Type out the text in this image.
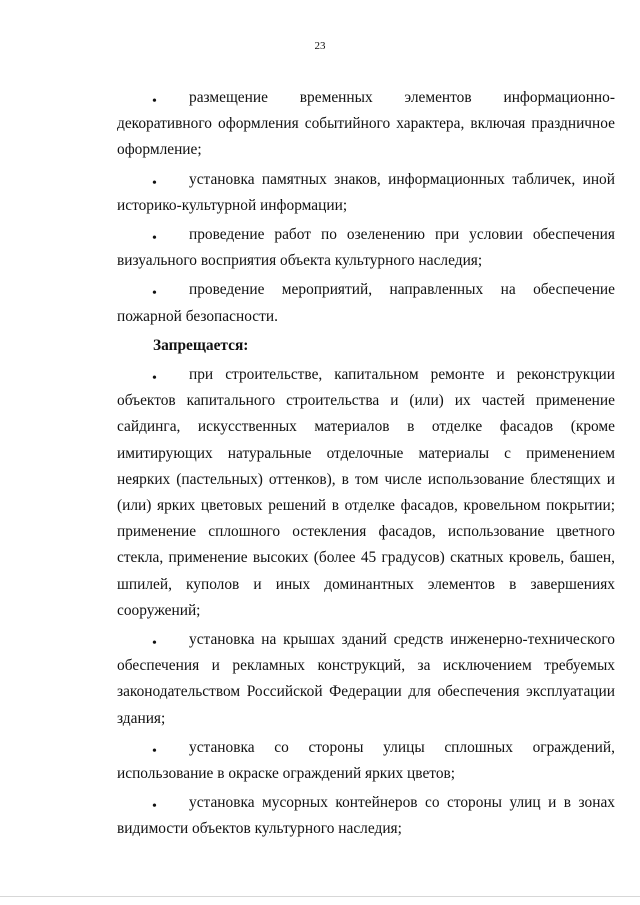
23

размещение временных элементов информационно-декоративного оформления событийного характера, включая праздничное оформление;

установка памятных знаков, информационных табличек, иной историко-культурной информации;

проведение работ по озеленению при условии обеспечения визуального восприятия объекта культурного наследия;

проведение мероприятий, направленных на обеспечение пожарной безопасности.

Запрещается:

при строительстве, капитальном ремонте и реконструкции объектов капитального строительства и (или) их частей применение сайдинга, искусственных материалов в отделке фасадов (кроме имитирующих натуральные отделочные материалы с применением неярких (пастельных) оттенков), в том числе использование блестящих и (или) ярких цветовых решений в отделке фасадов, кровельном покрытии; применение сплошного остекления фасадов, использование цветного стекла, применение высоких (более 45 градусов) скатных кровель, башен, шпилей, куполов и иных доминантных элементов в завершениях сооружений;

установка на крышах зданий средств инженерно-технического обеспечения и рекламных конструкций, за исключением требуемых законодательством Российской Федерации для обеспечения эксплуатации здания;

установка со стороны улицы сплошных ограждений, использование в окраске ограждений ярких цветов;

установка мусорных контейнеров со стороны улиц и в зонах видимости объектов культурного наследия;
